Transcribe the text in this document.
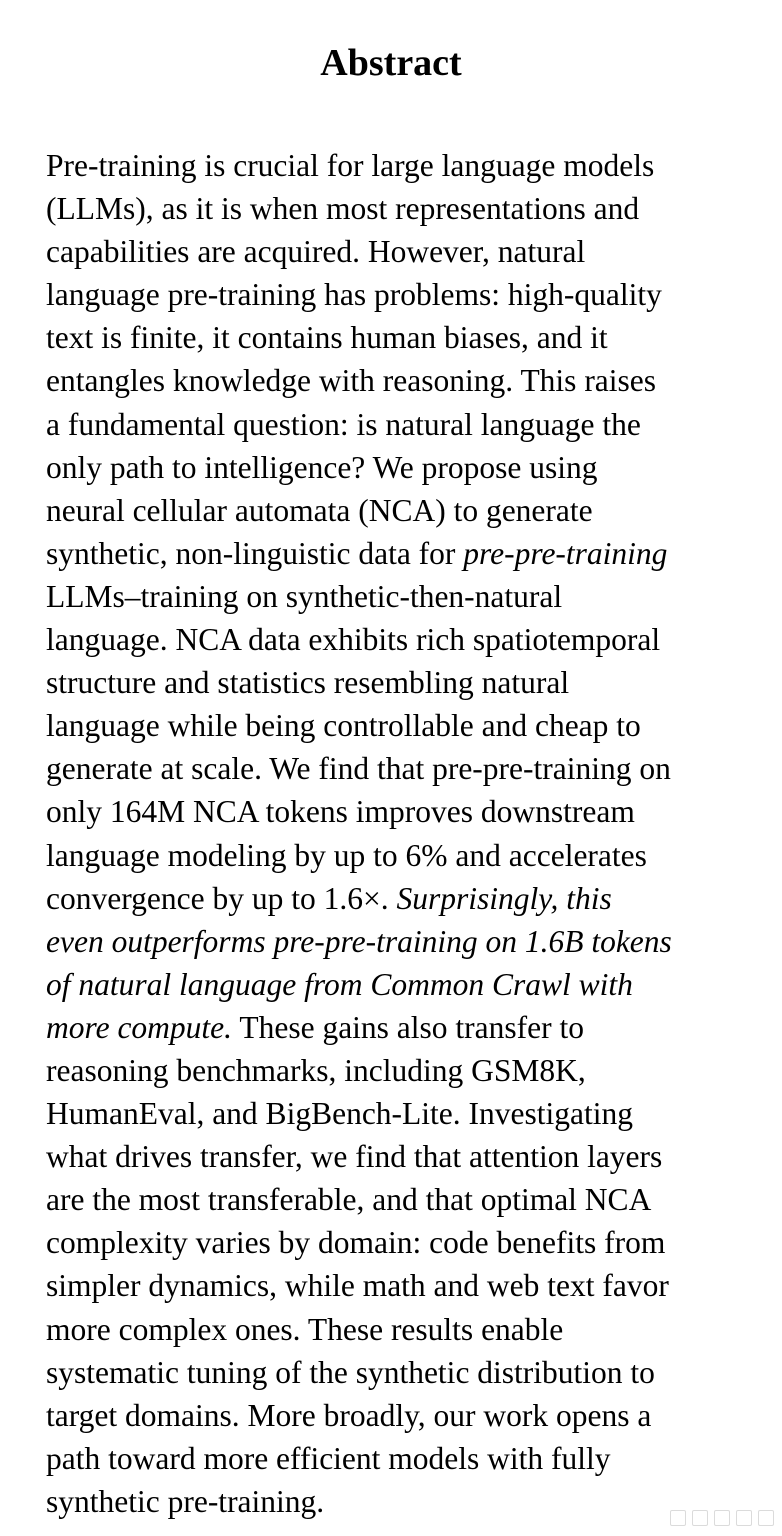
Abstract
Pre-training is crucial for large language models
(LLMs), as it is when most representations and
capabilities are acquired. However, natural
language pre-training has problems: high-quality
text is finite, it contains human biases, and it
entangles knowledge with reasoning. This raises
a fundamental question: is natural language the
only path to intelligence? We propose using
neural cellular automata (NCA) to generate
synthetic, non-linguistic data for pre-pre-training
LLMs–training on synthetic-then-natural
language. NCA data exhibits rich spatiotemporal
structure and statistics resembling natural
language while being controllable and cheap to
generate at scale. We find that pre-pre-training on
only 164M NCA tokens improves downstream
language modeling by up to 6% and accelerates
convergence by up to 1.6×. Surprisingly, this
even outperforms pre-pre-training on 1.6B tokens
of natural language from Common Crawl with
more compute. These gains also transfer to
reasoning benchmarks, including GSM8K,
HumanEval, and BigBench-Lite. Investigating
what drives transfer, we find that attention layers
are the most transferable, and that optimal NCA
complexity varies by domain: code benefits from
simpler dynamics, while math and web text favor
more complex ones. These results enable
systematic tuning of the synthetic distribution to
target domains. More broadly, our work opens a
path toward more efficient models with fully
synthetic pre-training.
